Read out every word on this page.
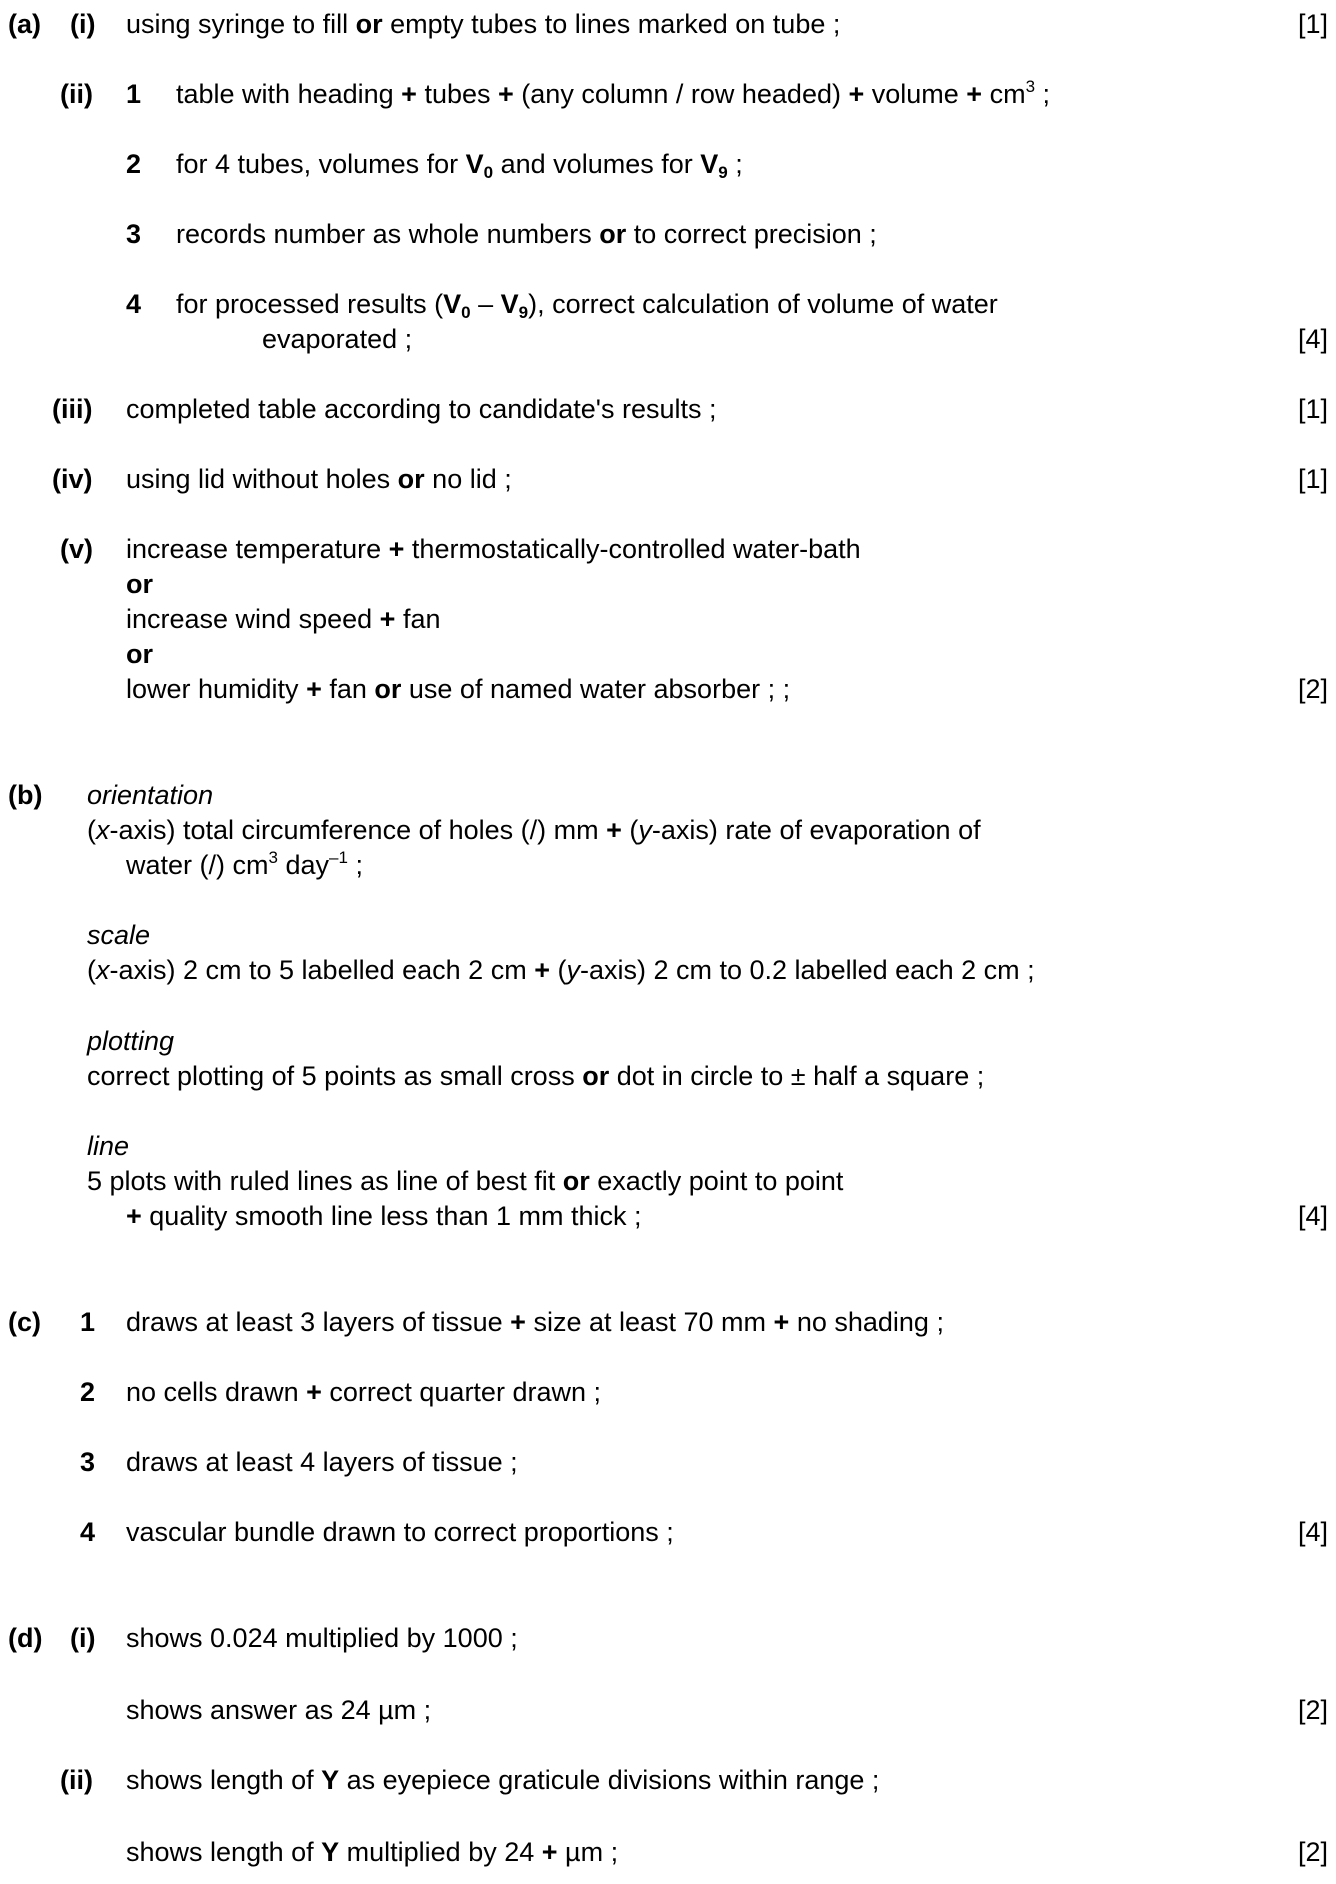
(a) (i) using syringe to fill or empty tubes to lines marked on tube ;	[1]
(ii) 1 table with heading + tubes + (any column / row headed) + volume + $cm^3$ ;
2 for 4 tubes, volumes for $V_0$ and volumes for $V_9$ ;
3 records number as whole numbers or to correct precision ;
4 for processed results $(V_0 - V_9)$, correct calculation of volume of water
evaporated ;	[4]
(iii) completed table according to candidate's results ;	[1]
(iv) using lid without holes or no lid ;	[1]
(v) increase temperature + thermostatically-controlled water-bath
or
increase wind speed + fan
or
lower humidity + fan or use of named water absorber ; ;	[2]
(b) orientation
(x-axis) total circumference of holes (/) mm + (y-axis) rate of evaporation of
water (/) $cm^3$ day$^{-1}$ ;
scale
(x-axis) 2 cm to 5 labelled each 2 cm + (y-axis) 2 cm to 0.2 labelled each 2 cm ;
plotting
correct plotting of 5 points as small cross or dot in circle to ± half a square ;
line
5 plots with ruled lines as line of best fit or exactly point to point
+ quality smooth line less than 1 mm thick ;	[4]
(c) 1 draws at least 3 layers of tissue + size at least 70 mm + no shading ;
2 no cells drawn + correct quarter drawn ;
3 draws at least 4 layers of tissue ;
4 vascular bundle drawn to correct proportions ;	[4]
(d) (i) shows 0.024 multiplied by 1000 ;
shows answer as 24 µm ;	[2]
(ii) shows length of Y as eyepiece graticule divisions within range ;
shows length of Y multiplied by 24 + µm ;	[2]
